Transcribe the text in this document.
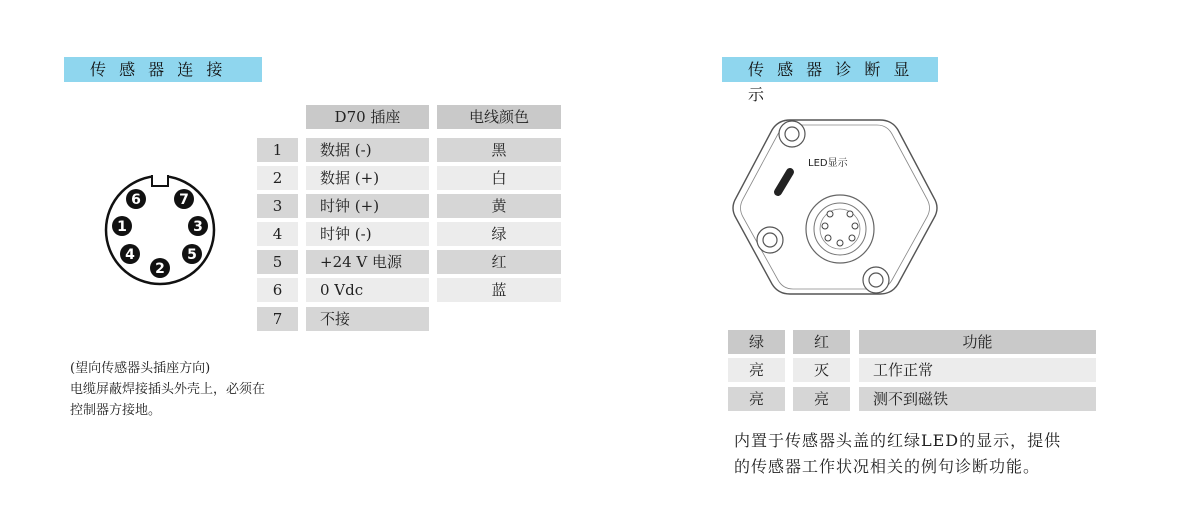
传 感 器 连 接
6	7
1	3
4	5
2
D70 插座	电线颜色
1	数据 (-)	黑
2	数据 (+)	白
3	时钟 (+)	黄
4	时钟 (-)	绿
5	+24 V 电源	红
6	0 Vdc	蓝
7	不接
(望向传感器头插座方向)
电缆屏蔽焊接插头外壳上，必须在
控制器方接地。
传 感 器 诊 断 显 示
LED显示
绿	红	功能
亮	灭	工作正常
亮	亮	测不到磁铁
内置于传感器头盖的红绿LED的显示，提供
的传感器工作状况相关的例句诊断功能。
